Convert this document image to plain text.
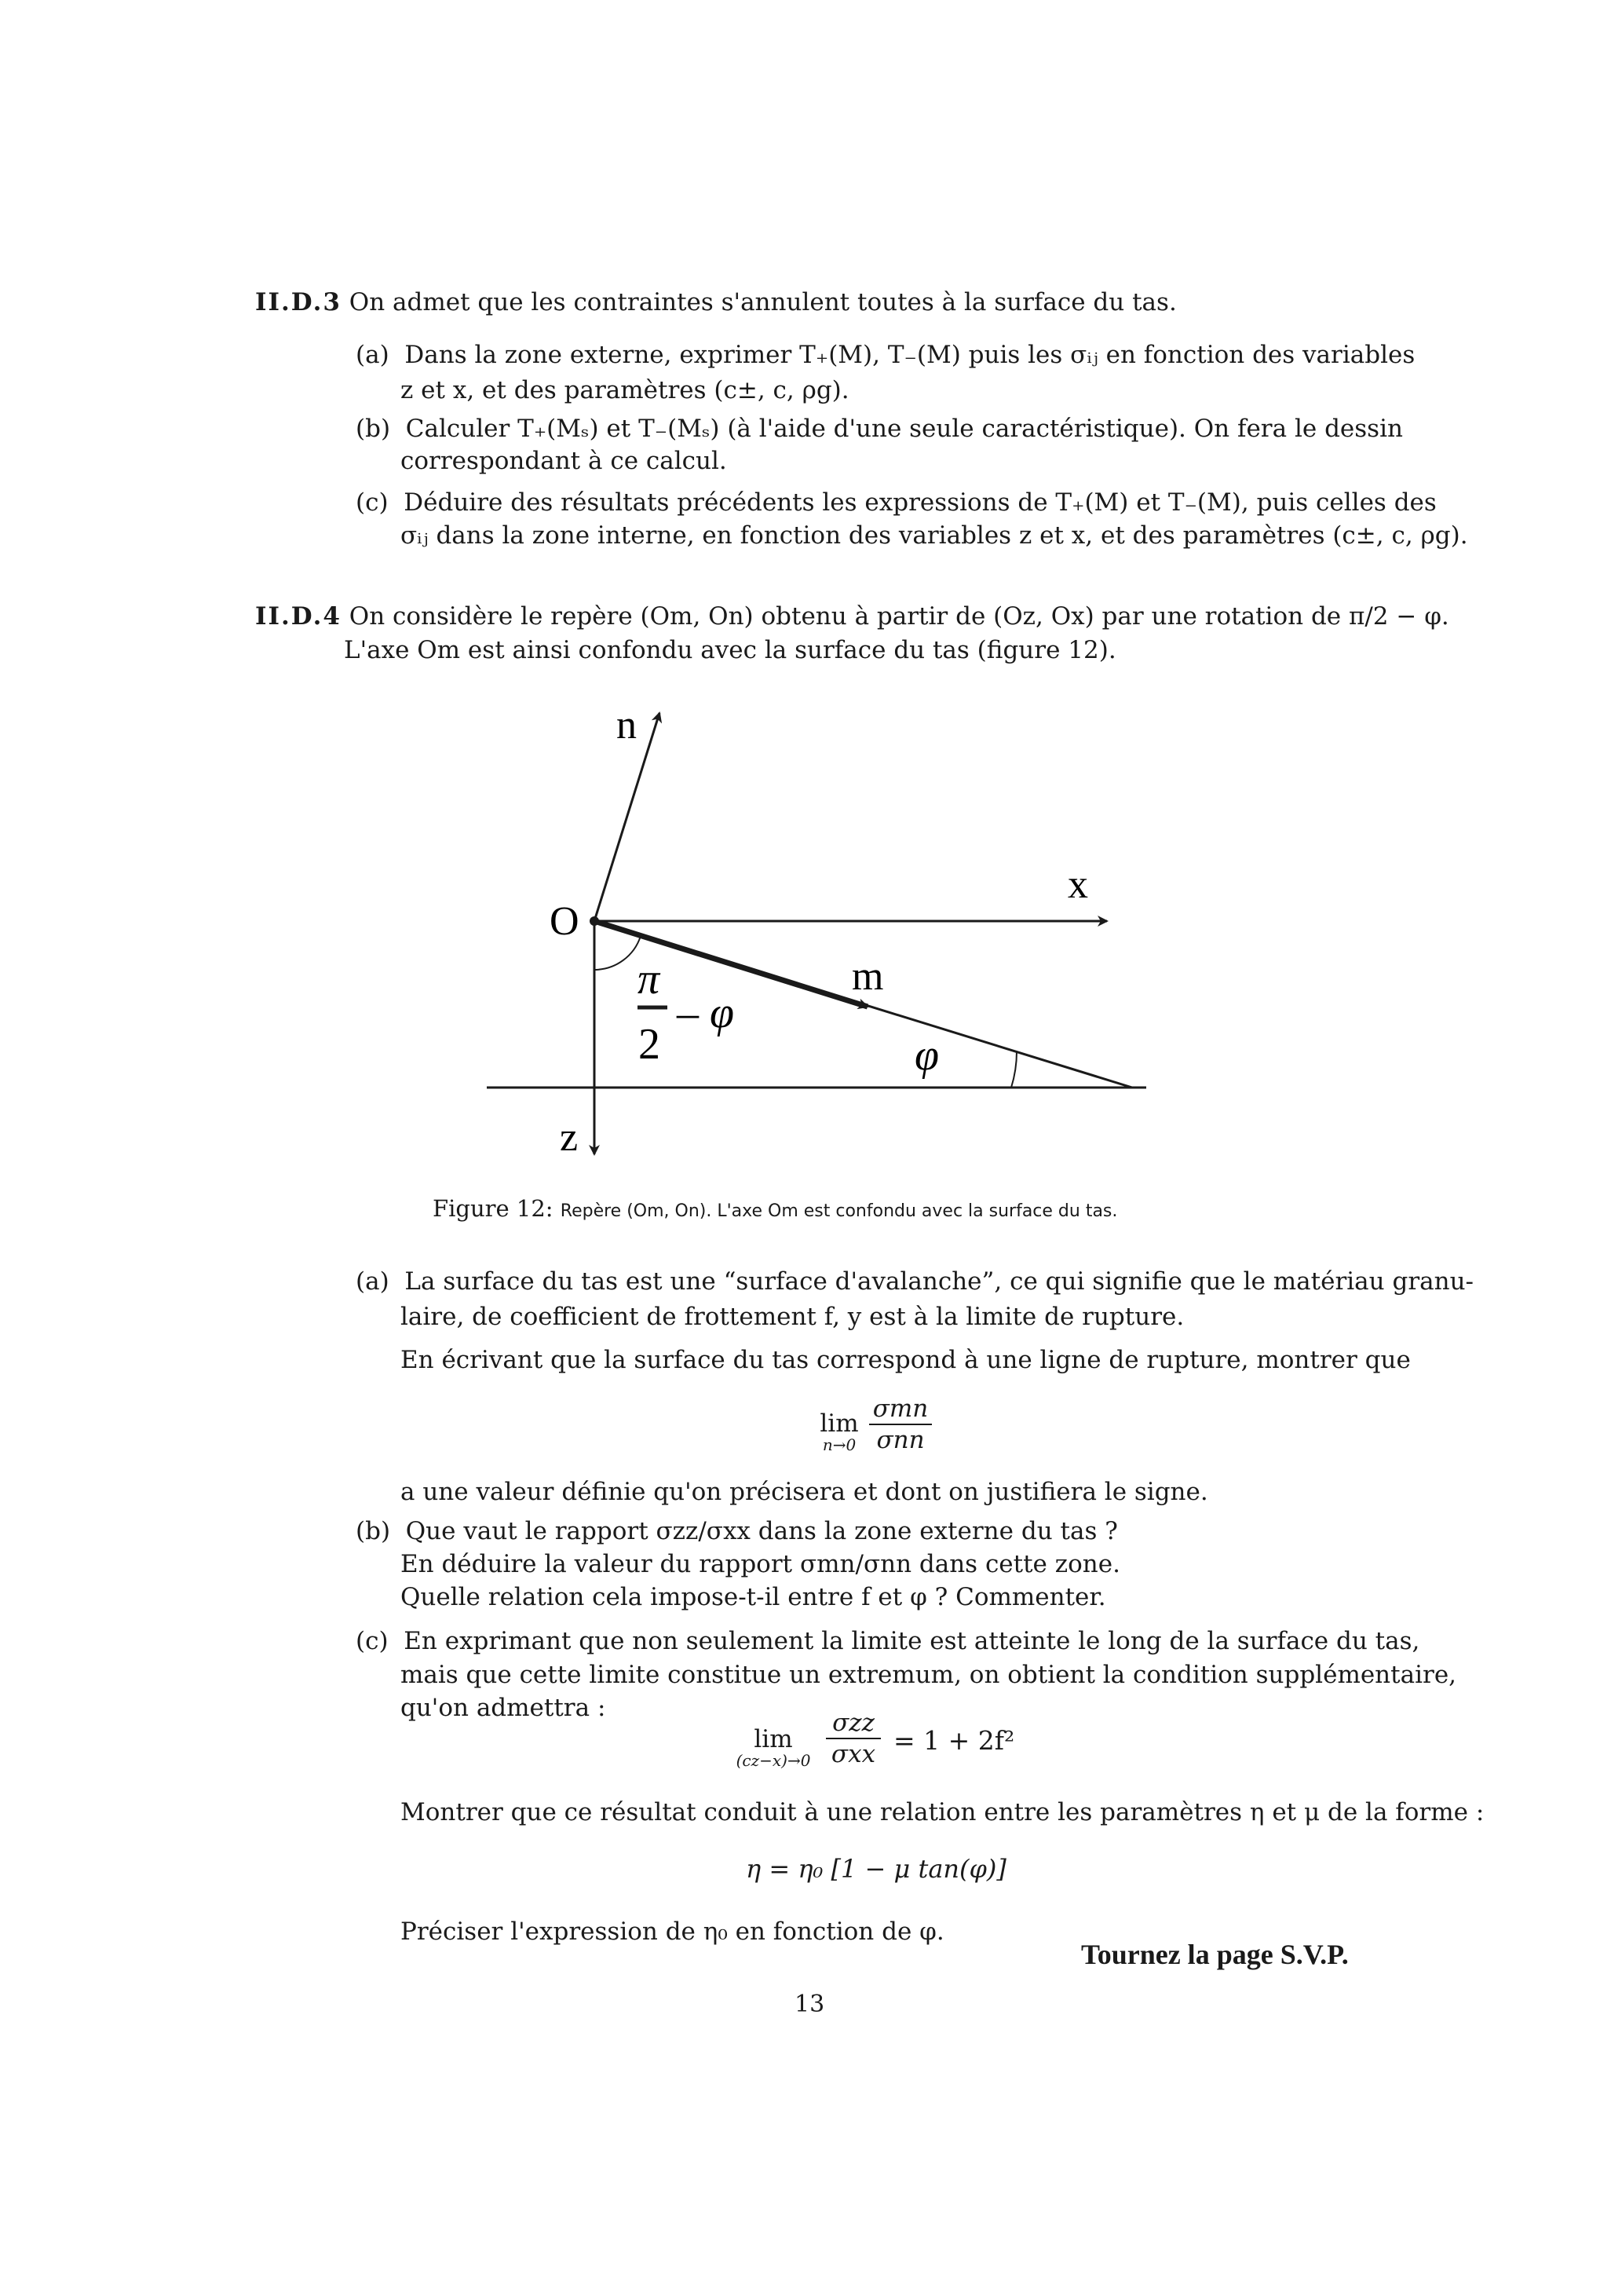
II.D.3 On admet que les contraintes s'annulent toutes à la surface du tas.
(a) Dans la zone externe, exprimer T₊(M), T₋(M) puis les σᵢⱼ en fonction des variables
z et x, et des paramètres (c±, c, ρg).
(b) Calculer T₊(Mₛ) et T₋(Mₛ) (à l'aide d'une seule caractéristique). On fera le dessin
correspondant à ce calcul.
(c) Déduire des résultats précédents les expressions de T₊(M) et T₋(M), puis celles des
σᵢⱼ dans la zone interne, en fonction des variables z et x, et des paramètres (c±, c, ρg).
II.D.4 On considère le repère (Om, On) obtenu à partir de (Oz, Ox) par une rotation de π/2 − φ.
L'axe Om est ainsi confondu avec la surface du tas (figure 12).
n
x
O
m
z
π
2
– φ
φ
Figure 12: Repère (Om, On). L'axe Om est confondu avec la surface du tas.
(a) La surface du tas est une “surface d'avalanche”, ce qui signifie que le matériau granu-
laire, de coefficient de frottement f, y est à la limite de rupture.
En écrivant que la surface du tas correspond à une ligne de rupture, montrer que
lim
n→0
σmn
σnn
a une valeur définie qu'on précisera et dont on justifiera le signe.
(b) Que vaut le rapport σzz/σxx dans la zone externe du tas ?
En déduire la valeur du rapport σmn/σnn dans cette zone.
Quelle relation cela impose-t-il entre f et φ ? Commenter.
(c) En exprimant que non seulement la limite est atteinte le long de la surface du tas,
mais que cette limite constitue un extremum, on obtient la condition supplémentaire,
qu'on admettra :
lim
(cz−x)→0
σzz
σxx = 1 + 2f²
Montrer que ce résultat conduit à une relation entre les paramètres η et μ de la forme :
η = η₀ [1 − μ tan(φ)]
Préciser l'expression de η₀ en fonction de φ.
Tournez la page S.V.P.
13
